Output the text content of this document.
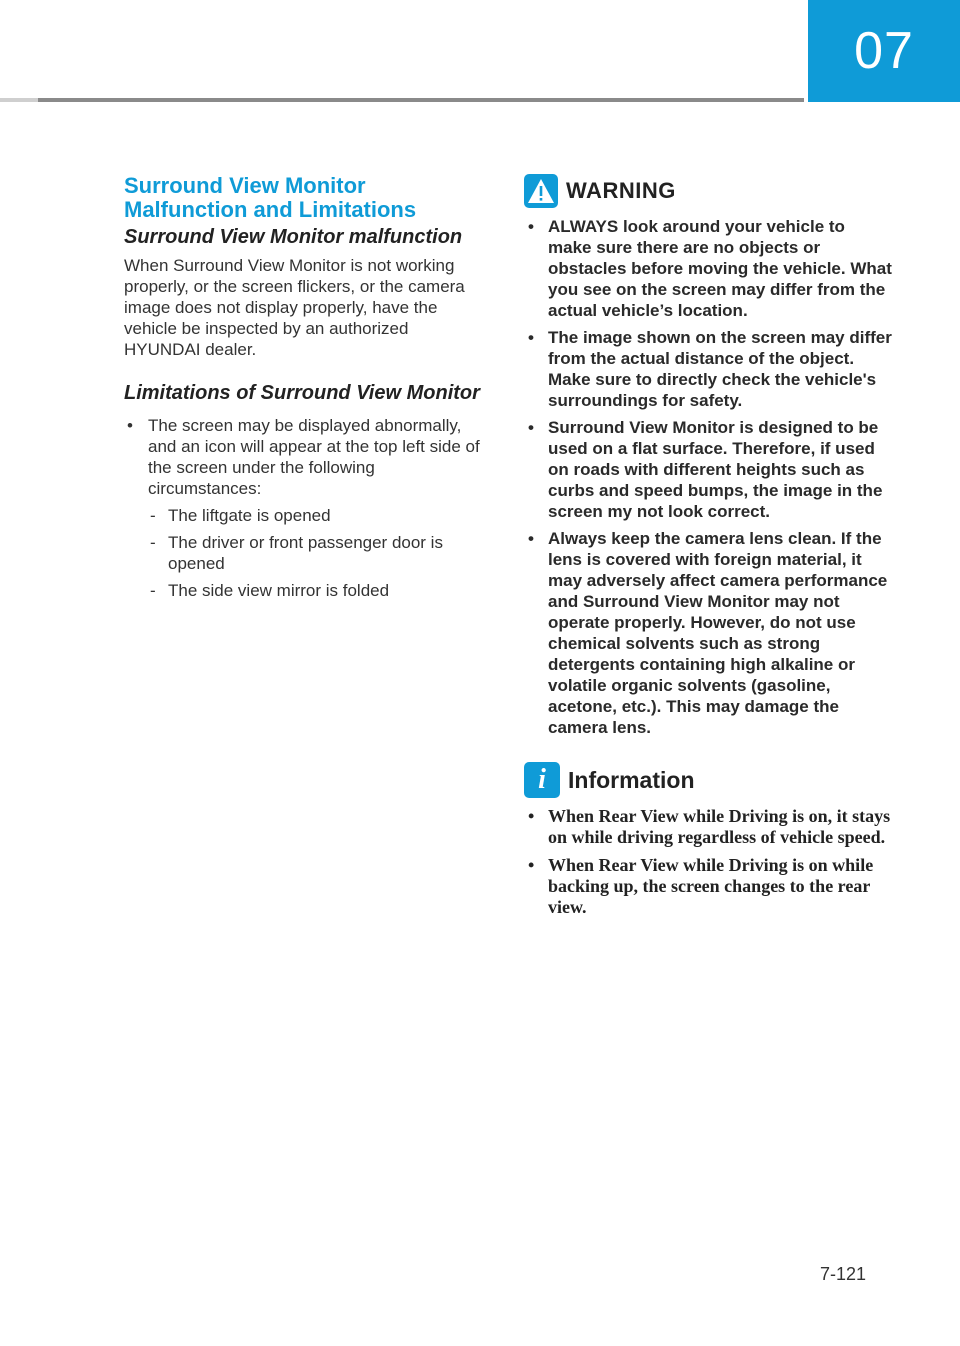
07
Surround View Monitor Malfunction and Limitations
Surround View Monitor malfunction

When Surround View Monitor is not working properly, or the screen flickers, or the camera image does not display properly, have the vehicle be inspected by an authorized HYUNDAI dealer.

Limitations of Surround View Monitor
• The screen may be displayed abnormally, and an icon will appear at the top left side of the screen under the following circumstances:
- The liftgate is opened
- The driver or front passenger door is opened
- The side view mirror is folded
WARNING
• ALWAYS look around your vehicle to make sure there are no objects or obstacles before moving the vehicle. What you see on the screen may differ from the actual vehicle’s location.
• The image shown on the screen may differ from the actual distance of the object. Make sure to directly check the vehicle's surroundings for safety.
• Surround View Monitor is designed to be used on a flat surface. Therefore, if used on roads with different heights such as curbs and speed bumps, the image in the screen my not look correct.
• Always keep the camera lens clean. If the lens is covered with foreign material, it may adversely affect camera performance and Surround View Monitor may not operate properly. However, do not use chemical solvents such as strong detergents containing high alkaline or volatile organic solvents (gasoline, acetone, etc.). This may damage the camera lens.
i Information
• When Rear View while Driving is on, it stays on while driving regardless of vehicle speed.
• When Rear View while Driving is on while backing up, the screen changes to the rear view.
7-121
